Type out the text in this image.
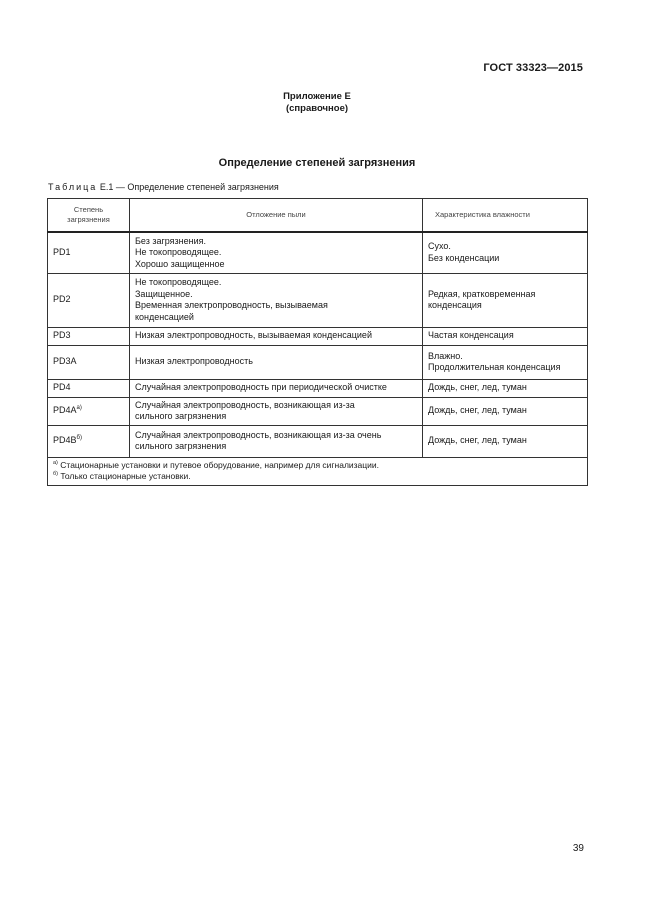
ГОСТ 33323—2015
Приложение Е
(справочное)
Определение степеней загрязнения
Таблица Е.1 — Определение степеней загрязнения
Степень
загрязнения	Отложение пыли	Характеристика влажности
PD1	Без загрязнения.
Не токопроводящее.
Хорошо защищенное	Сухо.
Без конденсации

PD2	Не токопроводящее.
Защищенное.
Временная электропроводность, вызываемая
конденсацией	Редкая, кратковременная
конденсация

PD3	Низкая электропроводность, вызываемая конденсацией	Частая конденсация

PD3A	Низкая электропроводность	Влажно.
Продолжительная конденсация

PD4	Случайная электропроводность при периодической очистке	Дождь, снег, лед, туман

$PD4A^{а)}$	Случайная электропроводность, возникающая из-за
сильного загрязнения	Дождь, снег, лед, туман

$PD4B^{б)}$	Случайная электропроводность, возникающая из-за очень
сильного загрязнения	Дождь, снег, лед, туман

$^{а)}$ Стационарные установки и путевое оборудование, например для сигнализации.
$^{б)}$ Только стационарные установки.		
39
